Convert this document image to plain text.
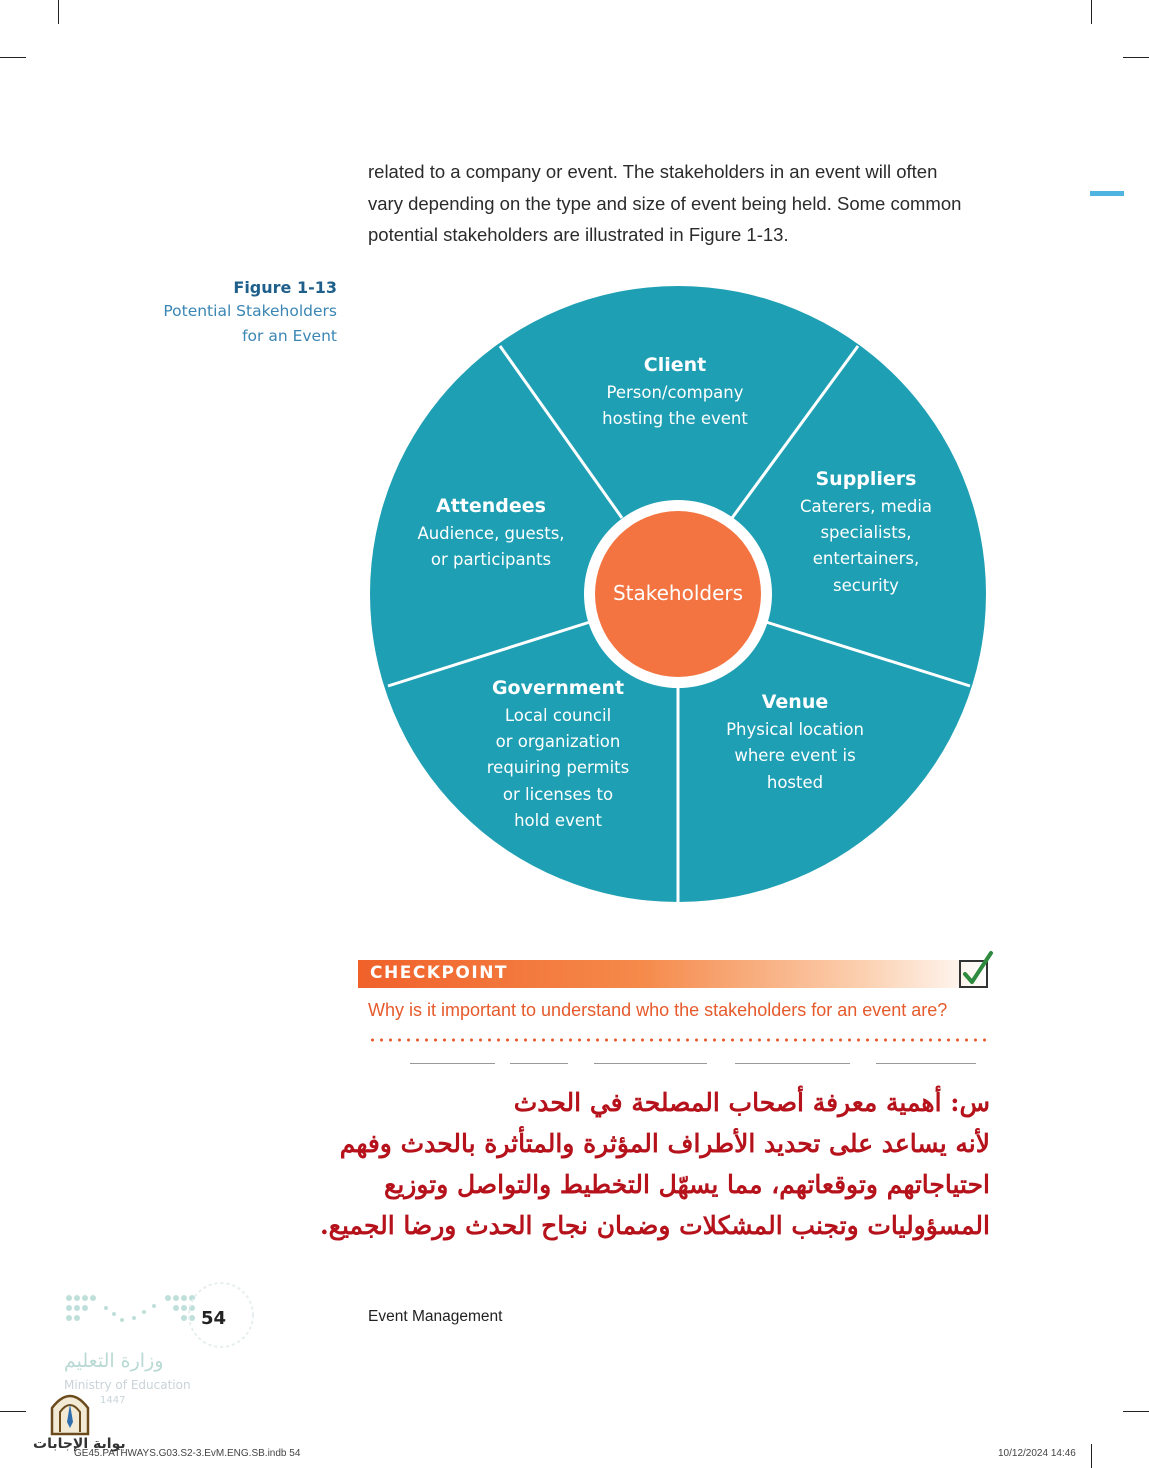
related to a company or event. The stakeholders in an event will often
vary depending on the type and size of event being held. Some common
potential stakeholders are illustrated in Figure 1-13.
Figure 1-13
Potential Stakeholders
for an Event
Stakeholders
Client
Person/company
hosting the event
Suppliers
Caterers, media
specialists,
entertainers,
security
Venue
Physical location
where event is
hosted
Government
Local council
or organization
requiring permits
or licenses to
hold event
Attendees
Audience, guests,
or participants
CHECKPOINT
Why is it important to understand who the stakeholders for an event are?
س: أهمية معرفة أصحاب المصلحة في الحدث
لأنه يساعد على تحديد الأطراف المؤثرة والمتأثرة بالحدث وفهم
احتياجاتهم وتوقعاتهم، مما يسهّل التخطيط والتواصل وتوزيع
المسؤوليات وتجنب المشكلات وضمان نجاح الحدث ورضا الجميع.
54	Event Management
وزارة التعليم
Ministry of Education
1447
بوابة الإجابات
GE45.PATHWAYS.G03.S2-3.EvM.ENG.SB.indb 54	10/12/2024 14:46
